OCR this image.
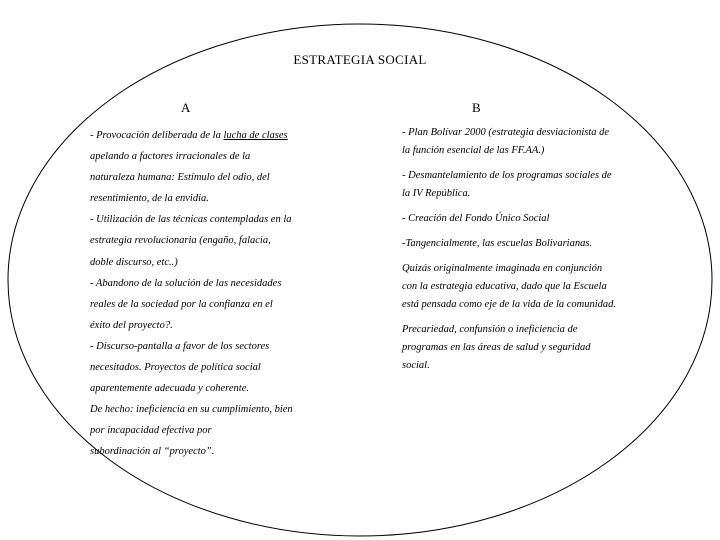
ESTRATEGIA SOCIAL
A	B
- Provocación deliberada de la lucha de clases
apelando a factores irracionales de la
naturaleza humana: Estímulo del odio, del
resentimiento, de la envidia.
- Utilización de las técnicas contempladas en la
estrategia revolucionaria (engaño, falacia,
doble discurso, etc..)
- Abandono de la solución de las necesidades
reales de la sociedad por la confianza en el
éxito del proyecto?.
- Discurso-pantalla a favor de los sectores
necesitados. Proyectos de política social
aparentemente adecuada y coherente.
De hecho: ineficiencia en su cumplimiento, bien
por incapacidad efectiva por
subordinación al “proyecto”.
- Plan Bolívar 2000 (estrategia desviacionista de la función esencial de las FF.AA.)
- Desmantelamiento de los programas sociales de la IV República.
- Creación del Fondo Único Social
-Tangencialmente, las escuelas Bolivarianas.
Quizás originalmente imaginada en conjunción con la estrategia educativa, dado que la Escuela está pensada como eje de la vida de la comunidad.
Precariedad, confunsión o ineficiencia de programas en las áreas de salud y seguridad social.
